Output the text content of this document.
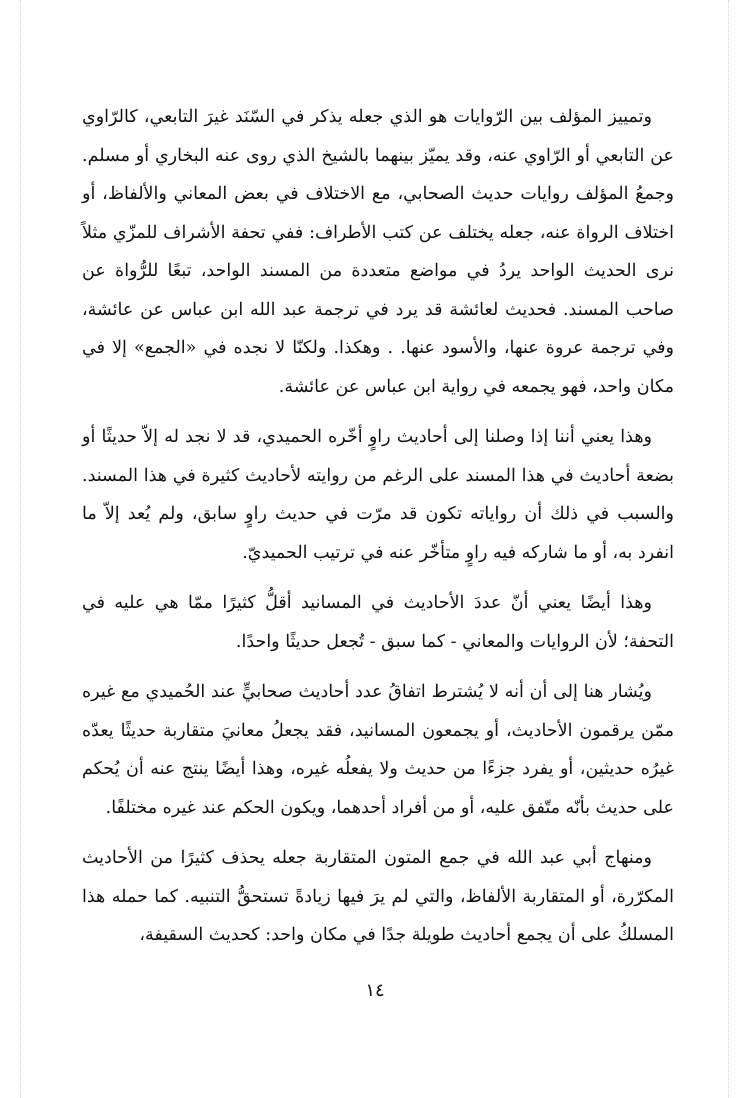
وتمييز المؤلف بين الرّوايات هو الذي جعله يذكر في السّنَد غيرَ التابعي، كالرّاوي عن التابعي أو الرّاوي عنه، وقد يميّز بينهما بالشيخ الذي روى عنه البخاري أو مسلم. وجمعُ المؤلف روايات حديث الصحابي، مع الاختلاف في بعض المعاني والألفاظ، أو اختلاف الرواة عنه، جعله يختلف عن كتب الأطراف: ففي تحفة الأشراف للمزّي مثلاً نرى الحديث الواحد يردُ في مواضع متعددة من المسند الواحد، تبعًا للرُّواة عن صاحب المسند. فحديث لعائشة قد يرد في ترجمة عبد الله ابن عباس عن عائشة، وفي ترجمة عروة عنها، والأسود عنها. . وهكذا. ولكنّا لا نجده في «الجمع» إلا في مكان واحد، فهو يجمعه في رواية ابن عباس عن عائشة.

وهذا يعني أننا إذا وصلنا إلى أحاديث راوٍ أخّره الحميدي، قد لا نجد له إلاّ حديثًا أو بضعة أحاديث في هذا المسند على الرغم من روايته لأحاديث كثيرة في هذا المسند. والسبب في ذلك أن رواياته تكون قد مرّت في حديث راوٍ سابق، ولم يُعد إلاّ ما انفرد به، أو ما شاركه فيه راوٍ متأخّر عنه في ترتيب الحميديّ.

وهذا أيضًا يعني أنّ عددَ الأحاديث في المسانيد أقلُّ كثيرًا ممّا هي عليه في التحفة؛ لأن الروايات والمعاني - كما سبق - تُجعل حديثًا واحدًا.

ويُشار هنا إلى أن أنه لا يُشترط اتفاقُ عدد أحاديث صحابيٍّ عند الحُميدي مع غيره ممّن يرقمون الأحاديث، أو يجمعون المسانيد، فقد يجعلُ معانيَ متقاربة حديثًا يعدّه غيرُه حديثين، أو يفرد جزءًا من حديث ولا يفعلُه غيره، وهذا أيضًا ينتج عنه أن يُحكم على حديث بأنّه متّفق عليه، أو من أفراد أحدهما، ويكون الحكم عند غيره مختلفًا.

ومنهاج أبي عبد الله في جمع المتون المتقاربة جعله يحذف كثيرًا من الأحاديث المكرّرة، أو المتقاربة الألفاظ، والتي لم يرَ فيها زيادةً تستحقُّ التنبيه. كما حمله هذا المسلكُ على أن يجمع أحاديث طويلة جدًا في مكان واحد: كحديث السقيفة،

١٤
